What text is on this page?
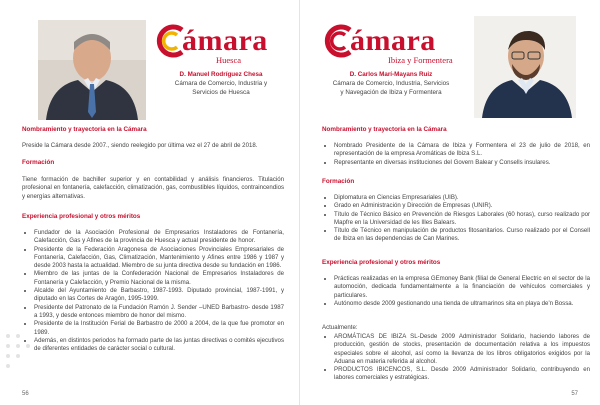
ámara
Huesca
D. Manuel Rodríguez Chesa
Cámara de Comercio, Industria y
Servicios de Huesca
Nombramiento y trayectoria en la Cámara
Preside la Cámara desde 2007., siendo reelegido por última vez el 27 de abril de 2018.
Formación
Tiene formación de bachiller superior y en contabilidad y análisis financieros. Titulación profesional en fontanería, calefacción, climatización, gas, combustibles líquidos, contraincendios y energías alternativas.
Experiencia profesional y otros méritos
• Fundador de la Asociación Profesional de Empresarios Instaladores de Fontanería, Calefacción, Gas y Afines de la provincia de Huesca y actual presidente de honor.
• Presidente de la Federación Aragonesa de Asociaciones Provinciales Empresariales de Fontanería, Calefacción, Gas, Climatización, Mantenimiento y Afines entre 1986 y 1987 y desde 2003 hasta la actualidad. Miembro de su junta directiva desde su fundación en 1986.
• Miembro de las juntas de la Confederación Nacional de Empresarios Instaladores de Fontanería y Calefacción, y Premio Nacional de la misma.
• Alcalde del Ayuntamiento de Barbastro, 1987-1993. Diputado provincial, 1987-1991, y diputado en las Cortes de Aragón, 1995-1999.
• Presidente del Patronato de la Fundación Ramón J. Sender –UNED Barbastro- desde 1987 a 1993, y desde entonces miembro de honor del mismo.
• Presidente de la Institución Ferial de Barbastro de 2000 a 2004, de la que fue promotor en 1989.
• Además, en distintos periodos ha formado parte de las juntas directivas o comités ejecutivos de diferentes entidades de carácter social o cultural.
56
ámara
Ibiza y Formentera
D. Carlos Marí-Mayans Ruiz
Cámara de Comercio, Industria, Servicios
y Navegación de Ibiza y Formentera
Nombramiento y trayectoria en la Cámara
• Nombrado Presidente de la Cámara de Ibiza y Formentera el 23 de julio de 2018, en representación de la empresa Aromáticas de Ibiza S.L.
• Representante en diversas instituciones del Govern Balear y Consells insulares.
Formación
• Diplomatura en Ciencias Empresariales (UIB).
• Grado en Administración y Dirección de Empresas (UNIR).
• Título de Técnico Básico en Prevención de Riesgos Laborales (60 horas), curso realizado por Mapfre en la Universidad de les Illes Balears.
• Título de Técnico en manipulación de productos fitosanitarios. Curso realizado por el Consell de Ibiza en las dependencias de Can Marines.
Experiencia profesional y otros méritos
• Prácticas realizadas en la empresa GEmoney Bank (filial de General Electric en el sector de la automoción, dedicada fundamentalmente a la financiación de vehículos comerciales y particulares.
• Autónomo desde 2009 gestionando una tienda de ultramarinos sita en playa de'n Bossa.
Actualmente:
• AROMÁTICAS DE IBIZA SL-Desde 2009 Administrador Solidario, haciendo labores de producción, gestión de stocks, presentación de documentación relativa a los impuestos especiales sobre el alcohol, así como la llevanza de los libros obligatorios exigidos por la Aduana en materia referida al alcohol.
• PRODUCTOS IBICENCOS, S.L. Desde 2009 Administrador Solidario, contribuyendo en labores comerciales y estratégicas.
57
